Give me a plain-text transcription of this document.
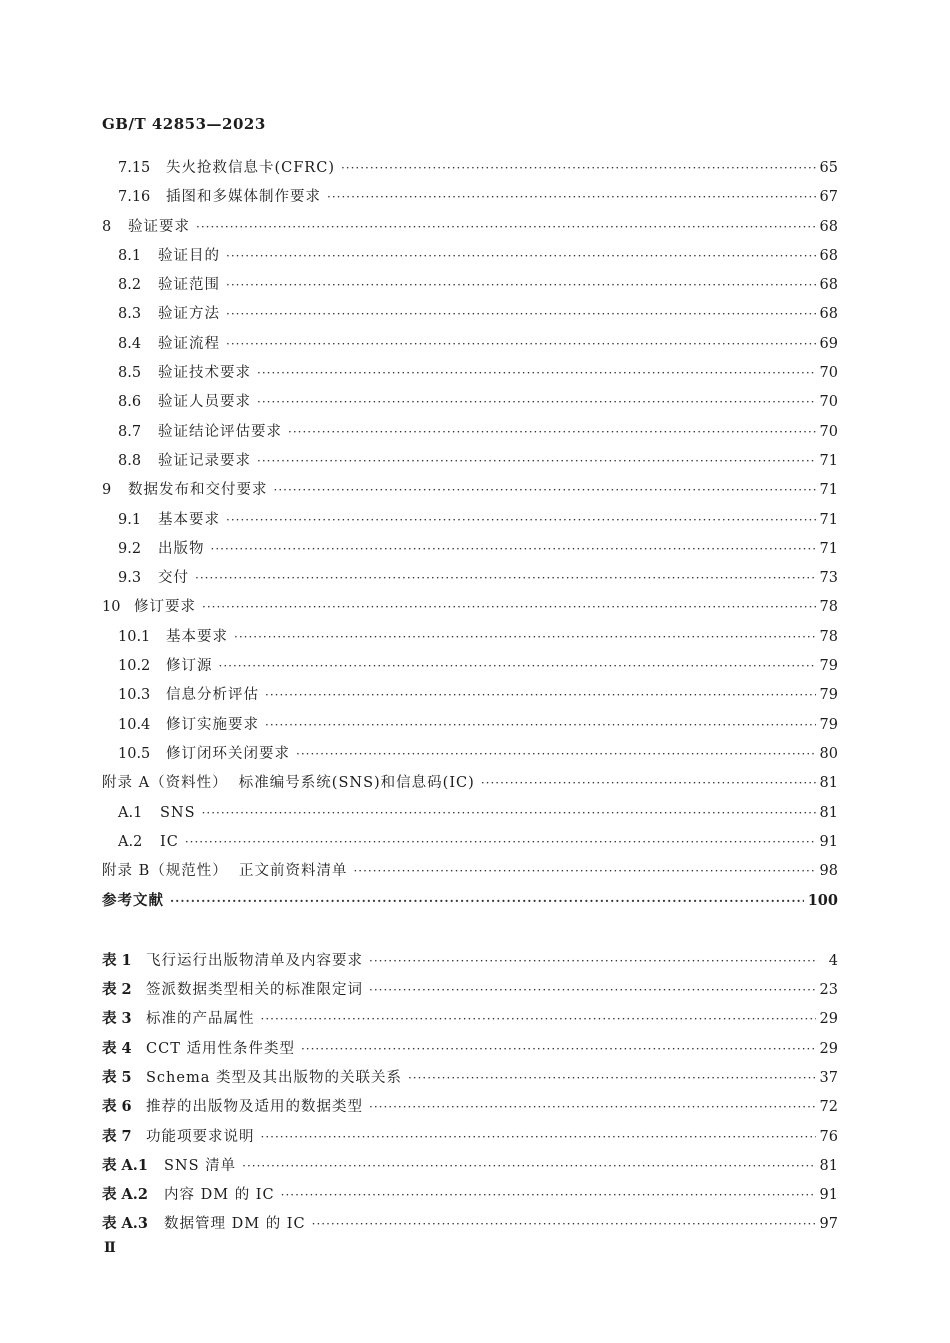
GB/T 42853—2023
7.15	失火抢救信息卡(CFRC) ·····	65
7.16	插图和多媒体制作要求 ·····	67
8	验证要求 ·····	68
8.1	验证目的 ·····	68
8.2	验证范围 ·····	68
8.3	验证方法 ·····	68
8.4	验证流程 ·····	69
8.5	验证技术要求 ·····	70
8.6	验证人员要求 ·····	70
8.7	验证结论评估要求 ·····	70
8.8	验证记录要求 ·····	71
9	数据发布和交付要求 ·····	71
9.1	基本要求 ·····	71
9.2	出版物 ·····	71
9.3	交付 ·····	73
10 修订要求 ·····	78
10.1	基本要求 ·····	78
10.2	修订源 ·····	79
10.3	信息分析评估 ·····	79
10.4	修订实施要求 ·····	79
10.5	修订闭环关闭要求 ·····	80
附录 A（资料性）  标准编号系统(SNS)和信息码(IC) ·····	81
A.1	SNS ·····	81
A.2	IC ·····	91
附录 B（规范性）  正文前资料清单 ·····	98
参考文献 ·····	100
表 1 飞行运行出版物清单及内容要求 ·····	4
表 2 签派数据类型相关的标准限定词 ·····	23
表 3 标准的产品属性 ·····	29
表 4 CCT 适用性条件类型 ·····	29
表 5 Schema 类型及其出版物的关联关系 ·····	37
表 6 推荐的出版物及适用的数据类型 ·····	72
表 7 功能项要求说明 ·····	76
表 A.1	SNS 清单 ·····	81
表 A.2	内容 DM 的 IC ·····	91
表 A.3	数据管理 DM 的 IC ·····	97
Ⅱ
